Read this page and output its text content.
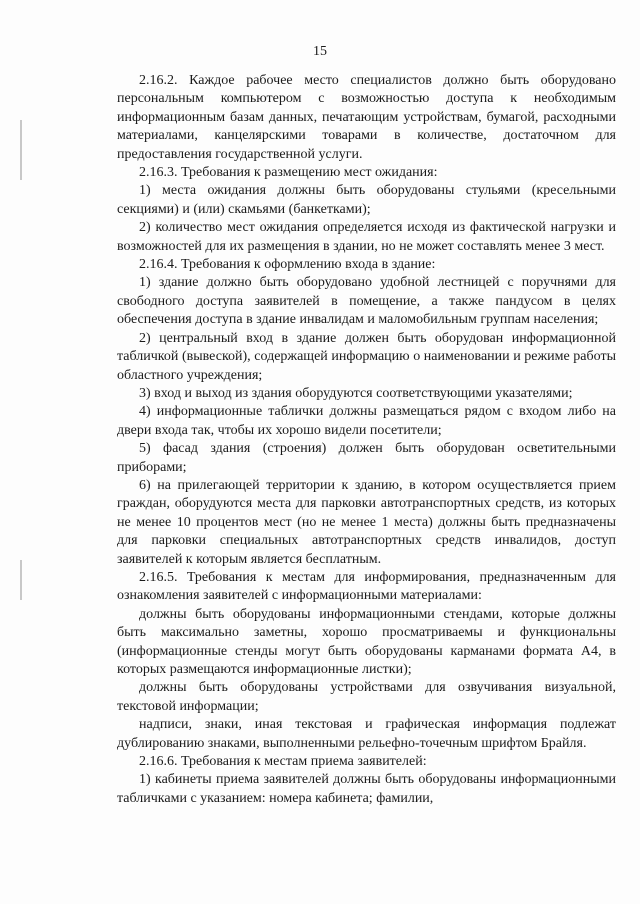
15

2.16.2. Каждое рабочее место специалистов должно быть оборудовано персональным компьютером с возможностью доступа к необходимым информационным базам данных, печатающим устройствам, бумагой, расходными материалами, канцелярскими товарами в количестве, достаточном для предоставления государственной услуги.

2.16.3. Требования к размещению мест ожидания:

1) места ожидания должны быть оборудованы стульями (кресельными секциями) и (или) скамьями (банкетками);

2) количество мест ожидания определяется исходя из фактической нагрузки и возможностей для их размещения в здании, но не может составлять менее 3 мест.

2.16.4. Требования к оформлению входа в здание:

1) здание должно быть оборудовано удобной лестницей с поручнями для свободного доступа заявителей в помещение, а также пандусом в целях обеспечения доступа в здание инвалидам и маломобильным группам населения;

2) центральный вход в здание должен быть оборудован информационной табличкой (вывеской), содержащей информацию о наименовании и режиме работы областного учреждения;

3) вход и выход из здания оборудуются соответствующими указателями;

4) информационные таблички должны размещаться рядом с входом либо на двери входа так, чтобы их хорошо видели посетители;

5) фасад здания (строения) должен быть оборудован осветительными приборами;

6) на прилегающей территории к зданию, в котором осуществляется прием граждан, оборудуются места для парковки автотранспортных средств, из которых не менее 10 процентов мест (но не менее 1 места) должны быть предназначены для парковки специальных автотранспортных средств инвалидов, доступ заявителей к которым является бесплатным.

2.16.5. Требования к местам для информирования, предназначенным для ознакомления заявителей с информационными материалами:

должны быть оборудованы информационными стендами, которые должны быть максимально заметны, хорошо просматриваемы и функциональны (информационные стенды могут быть оборудованы карманами формата А4, в которых размещаются информационные листки);

должны быть оборудованы устройствами для озвучивания визуальной, текстовой информации;

надписи, знаки, иная текстовая и графическая информация подлежат дублированию знаками, выполненными рельефно-точечным шрифтом Брайля.

2.16.6. Требования к местам приема заявителей:

1) кабинеты приема заявителей должны быть оборудованы информационными табличками с указанием: номера кабинета; фамилии,
